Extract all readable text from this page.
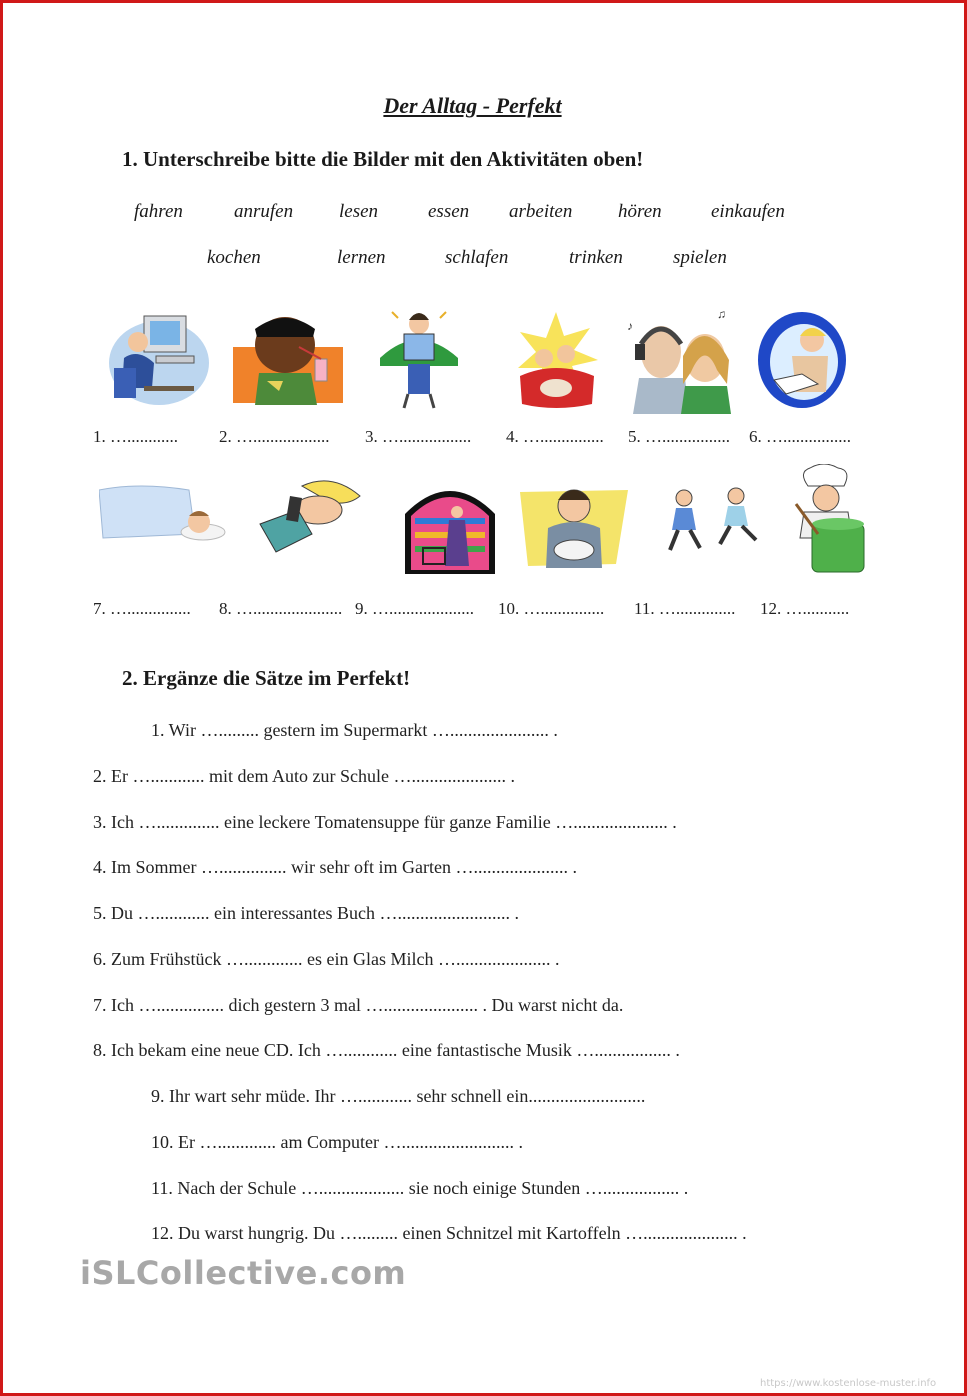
Der Alltag - Perfekt
1. Unterschreibe bitte die Bilder mit den Aktivitäten oben!
fahren	anrufen lesen	essen arbeiten hören	einkaufen
kochen	lernen	schlafen	trinken	spielen
♪
♫
1. …............ 2. ….................. 3. …................. 4. …............... 5. …................ 6. …................
7. …............... 8. …..................... 9. ….................... 10. …............... 11. ….............. 12. …...........
2. Ergänze die Sätze im Perfekt!
1. Wir …......... gestern im Supermarkt …...................... .
2. Er …............ mit dem Auto zur Schule …..................... .
3. Ich ….............. eine leckere Tomatensuppe für ganze Familie …..................... .
4. Im Sommer …............... wir sehr oft im Garten …..................... .
5. Du …............ ein interessantes Buch …......................... .
6. Zum Frühstück …............. es ein Glas Milch …..................... .
7. Ich …............... dich gestern 3 mal …..................... . Du warst nicht da.
8. Ich bekam eine neue CD. Ich …............ eine fantastische Musik …................. .
9. Ihr wart sehr müde. Ihr …............ sehr schnell ein..........................
10. Er …............. am Computer …......................... .
11. Nach der Schule …................... sie noch einige Stunden …................. .
12. Du warst hungrig. Du …......... einen Schnitzel mit Kartoffeln …..................... .
iSLCollective.com
https://www.kostenlose-muster.info
